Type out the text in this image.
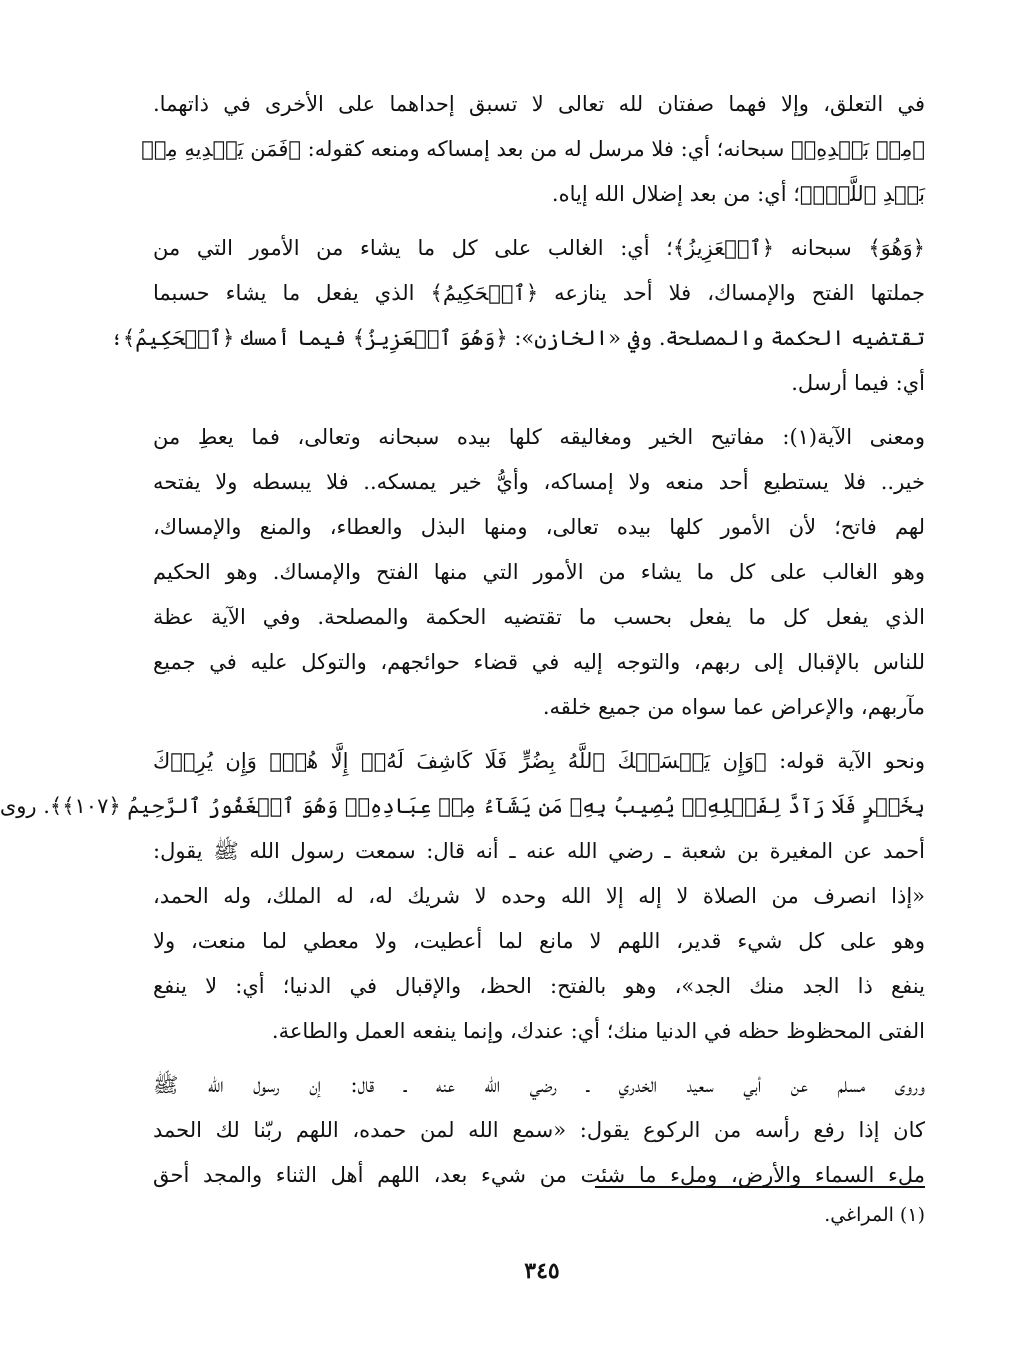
في التعلق، وإلا فهما صفتان لله تعالى لا تسبق إحداهما على الأخرى في ذاتهما.
﴿مِنۢ بَعۡدِهِۦ﴾ سبحانه؛ أي: فلا مرسل له من بعد إمساكه ومنعه كقوله: ﴿فَمَن يَهۡدِيهِ مِنۢ
بَعۡدِ ٱللَّهِۚ﴾؛ أي: من بعد إضلال الله إياه.
﴿وَهُوَ﴾ سبحانه ﴿ٱلۡعَزِيزُ﴾؛ أي: الغالب على كل ما يشاء من الأمور التي من
جملتها الفتح والإمساك، فلا أحد ينازعه ﴿ٱلۡحَكِيمُ﴾ الذي يفعل ما يشاء حسبما
تقتضيه الحكمة والمصلحة. وفي «الخازن»: ﴿وَهُوَ ٱلۡعَزِيزُ﴾ فيما أمسك ﴿ٱلۡحَكِيمُ﴾؛
أي: فيما أرسل.
ومعنى الآية(١): مفاتيح الخير ومغاليقه كلها بيده سبحانه وتعالى، فما يعطِ من
خير.. فلا يستطيع أحد منعه ولا إمساكه، وأيُّ خير يمسكه.. فلا يبسطه ولا يفتحه
لهم فاتح؛ لأن الأمور كلها بيده تعالى، ومنها البذل والعطاء، والمنع والإمساك،
وهو الغالب على كل ما يشاء من الأمور التي منها الفتح والإمساك. وهو الحكيم
الذي يفعل كل ما يفعل بحسب ما تقتضيه الحكمة والمصلحة. وفي الآية عظة
للناس بالإقبال إلى ربهم، والتوجه إليه في قضاء حوائجهم، والتوكل عليه في جميع
مآربهم، والإعراض عما سواه من جميع خلقه.
ونحو الآية قوله: ﴿وَإِن يَمۡسَسۡكَ ٱللَّهُ بِضُرٍّ فَلَا كَاشِفَ لَهُۥٓ إِلَّا هُوَۖ وَإِن يُرِدۡكَ
بِخَيۡرٍ فَلَا رَآدَّ لِفَضۡلِهِۦۚ يُصِيبُ بِهِۦ مَن يَشَآءُ مِنۡ عِبَادِهِۦۚ وَهُوَ ٱلۡغَفُورُ ٱلرَّحِيمُ ﴿١٠٧﴾﴾. روى
أحمد عن المغيرة بن شعبة ـ رضي الله عنه ـ أنه قال: سمعت رسول الله ﷺ يقول:
«إذا انصرف من الصلاة لا إله إلا الله وحده لا شريك له، له الملك، وله الحمد،
وهو على كل شيء قدير، اللهم لا مانع لما أعطيت، ولا معطي لما منعت، ولا
ينفع ذا الجد منك الجد»، وهو بالفتح: الحظ، والإقبال في الدنيا؛ أي: لا ينفع
الفتى المحظوظ حظه في الدنيا منك؛ أي: عندك، وإنما ينفعه العمل والطاعة.
وروى مسلم عن أبي سعيد الخدري ـ رضي الله عنه ـ قال: إن رسول الله ﷺ
كان إذا رفع رأسه من الركوع يقول: «سمع الله لمن حمده، اللهم ربّنا لك الحمد
ملء السماء والأرض، وملء ما شئت من شيء بعد، اللهم أهل الثناء والمجد أحق
(١) المراغي.
٣٤٥
